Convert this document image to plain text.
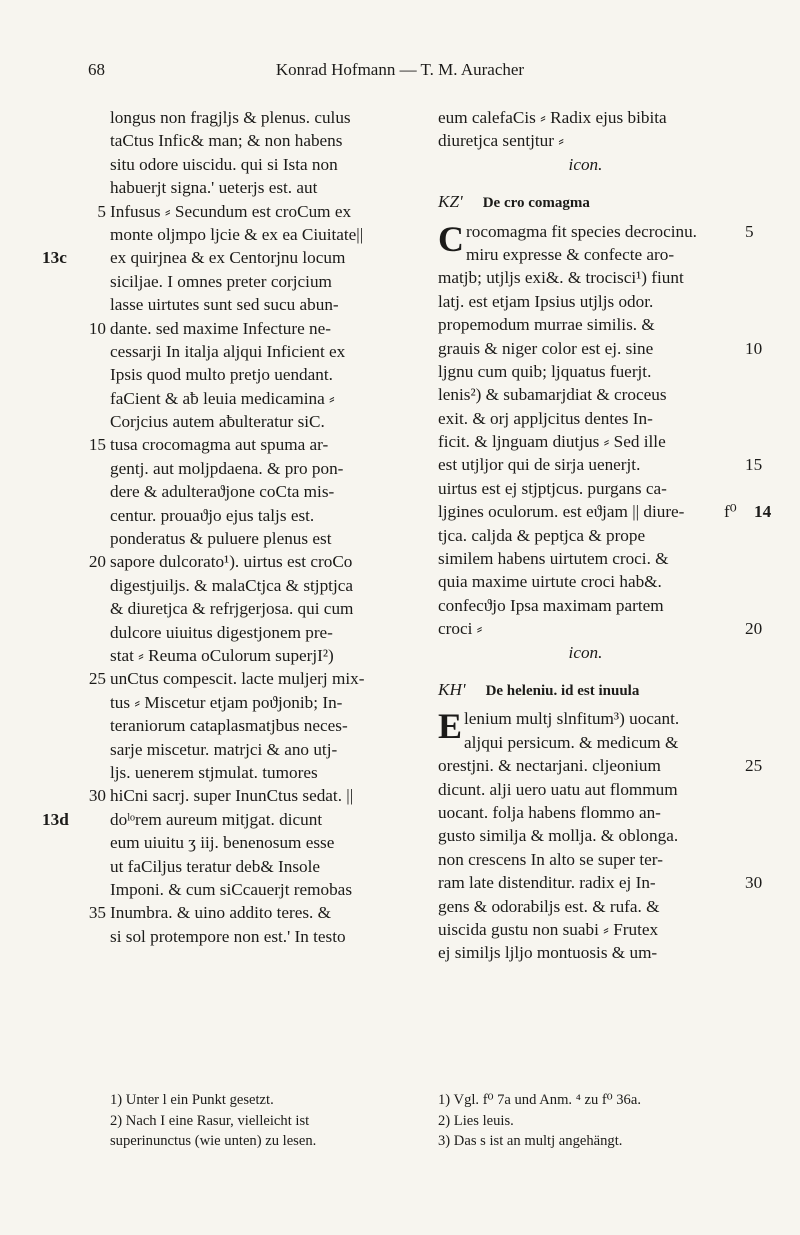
68	Konrad Hofmann — T. M. Auracher
longus non fragjljs & plenus. culus
taCtus Infic& man; & non habens
situ odore uiscidu. qui si Ista non
habuerjt signa.' ueterjs est. aut
Infusus ⸗ Secundum est croCum ex
5
monte oljmpo ljcie & ex ea Ciuitate||
ex quirjnea & ex Centorjnu locum
13c
siciljae. I omnes preter corjcium
lasse uirtutes sunt sed sucu abun-
dante. sed maxime Infecture ne-
10
cessarji In italja aljqui Inficient ex
Ipsis quod multo pretjo uendant.
faCient & aƀ leuia medicamina ⸗
Corjcius autem aƀulteratur siC.
tusa crocomagma aut spuma ar-
15
gentj. aut moljpdaena. & pro pon-
dere & adulteraϑjone coCta mis-
centur. prouaϑjo ejus talјs est.
ponderatus & puluere plenus est
sapore dulcorato¹). uirtus est croCo
20
digestjuiljs. & malaCtjca & stjptjca
& diuretjca & refrjgerjosa. qui cum
dulcore uiuitus digestjonem pre-
stat ⸗ Reuma oCulorum superjI²)
unCtus compescit. lacte muljerj mix-
25
tus ⸗ Miscetur etjam poϑjonib; In-
teraniorum cataplasmatjbus neces-
sarje miscetur. matrjci & ano utj-
ljs. uenerem stjmulat. tumores
hiCni sacrj. super InunCtus sedat. ||
30
doˡᵒrem aureum mitjgat. dicunt
13d
eum uiuitu ʒ iij. benenosum esse
ut faCiljus teratur deb& Insole
Imponi. & cum siCcauerjt remobas
Inumbra. & uino addito teres. &
35
si sol protempore non est.' In testo
eum calefaCis ⸗ Radix ejus bibita
diuretjca sentjtur ⸗
icon.
KZ' De cro comagma
Crocomagma fit species decrocinu.	5
miru expresse & confecte aro-
matjb; utjljs exi&. & trocisci¹) fiunt
latj. est etjam Ipsius utjljs odor.
propemodum murrae similis. &
grauis & niger color est ej. sine	10
ljgnu cum quib; ljquatus fuerjt.
lenis²) & subamarjdiat & croceus
exit. & orj appljcitus dentes In-
ficit. & ljnguam diutjus ⸗ Sed ille
est utjljor qui de sirja uenerjt.	15
uirtus est ej stjptjcus. purgans ca-
ljgines oculorum. est eϑjam || diure-	14
f⁰
tjca. caljda & peptjca & prope
similem habens uirtutem croci. &
quia maxime uirtute croci hab&.
confecϑjo Ipsa maximam partem
croci ⸗	20
icon.
KH' De heleniu. id est inuula
Elenium multj slnfitum³) uocant.
aljqui persicum. & medicum &
orestjni. & nectarjani. cljeonium	25
dicunt. alji uero uatu aut flommum
uocant. folja habens flommo an-
gusto similja & mollja. & oblonga.
non crescens In alto se super ter-
ram late distenditur. radix ej In-	30
gens & odorabiljs est. & rufa. &
uiscida gustu non suabi ⸗ Frutex
ej similjs ljljo montuosis & um-
1) Unter l ein Punkt gesetzt.
2) Nach I eine Rasur, vielleicht ist
superinunctus (wie unten) zu lesen.
1) Vgl. f⁰ 7a und Anm. ⁴ zu f⁰ 36a.
2) Lies leuis.
3) Das s ist an multj angehängt.
